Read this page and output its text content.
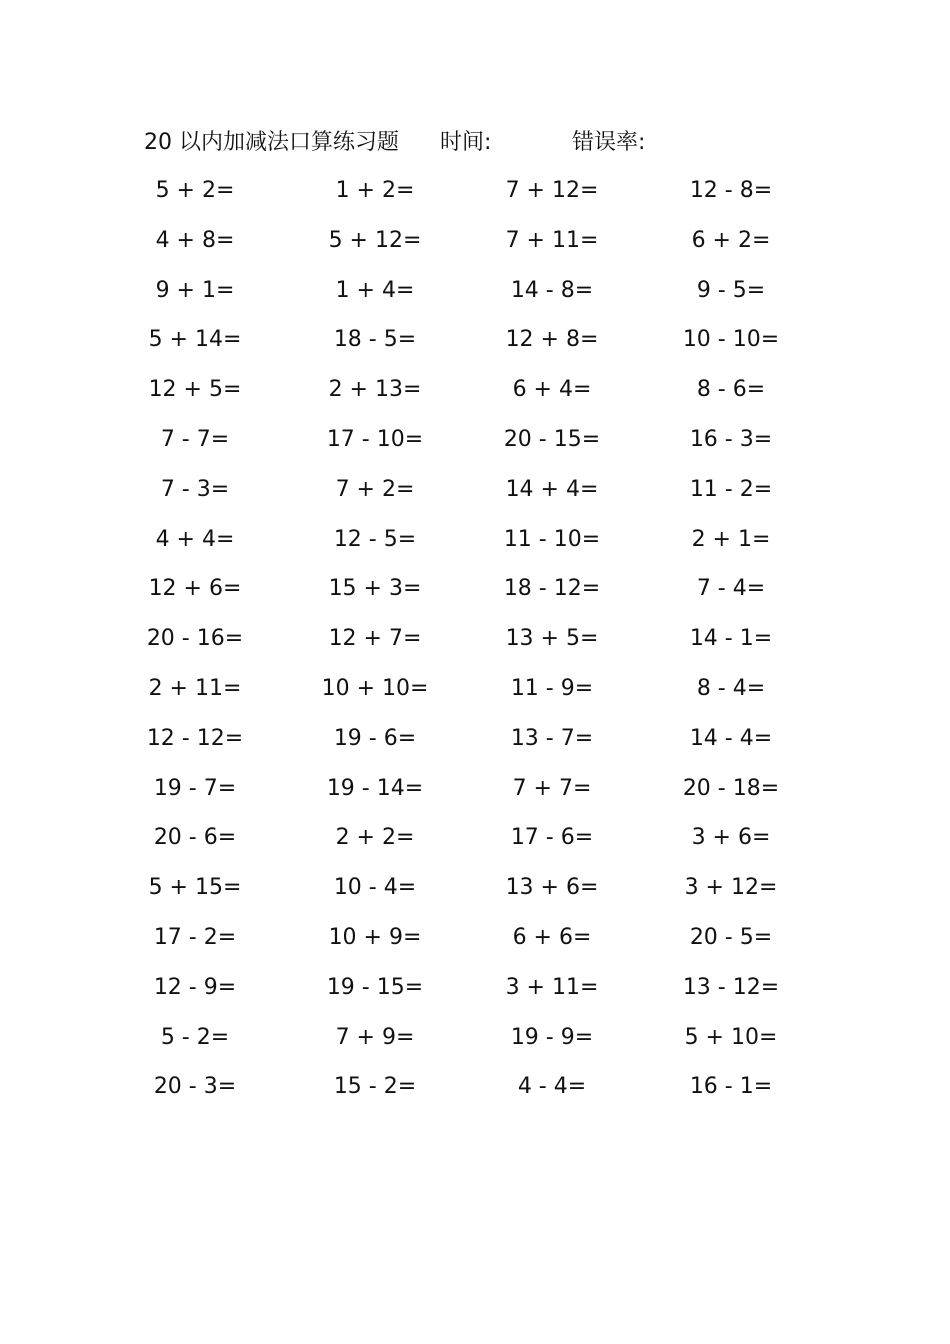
20 以内加减法口算练习题 时间:	错误率:
5 + 2=	1 + 2=	7 + 12=	12 - 8=
4 + 8=	5 + 12=	7 + 11=	6 + 2=
9 + 1=	1 + 4=	14 - 8=	9 - 5=
5 + 14=	18 - 5=	12 + 8=	10 - 10=
12 + 5=	2 + 13=	6 + 4=	8 - 6=
7 - 7=	17 - 10=	20 - 15=	16 - 3=
7 - 3=	7 + 2=	14 + 4=	11 - 2=
4 + 4=	12 - 5=	11 - 10=	2 + 1=
12 + 6=	15 + 3=	18 - 12=	7 - 4=
20 - 16=	12 + 7=	13 + 5=	14 - 1=
2 + 11=	10 + 10=	11 - 9=	8 - 4=
12 - 12=	19 - 6=	13 - 7=	14 - 4=
19 - 7=	19 - 14=	7 + 7=	20 - 18=
20 - 6=	2 + 2=	17 - 6=	3 + 6=
5 + 15=	10 - 4=	13 + 6=	3 + 12=
17 - 2=	10 + 9=	6 + 6=	20 - 5=
12 - 9=	19 - 15=	3 + 11=	13 - 12=
5 - 2=	7 + 9=	19 - 9=	5 + 10=
20 - 3=	15 - 2=	4 - 4=	16 - 1=
